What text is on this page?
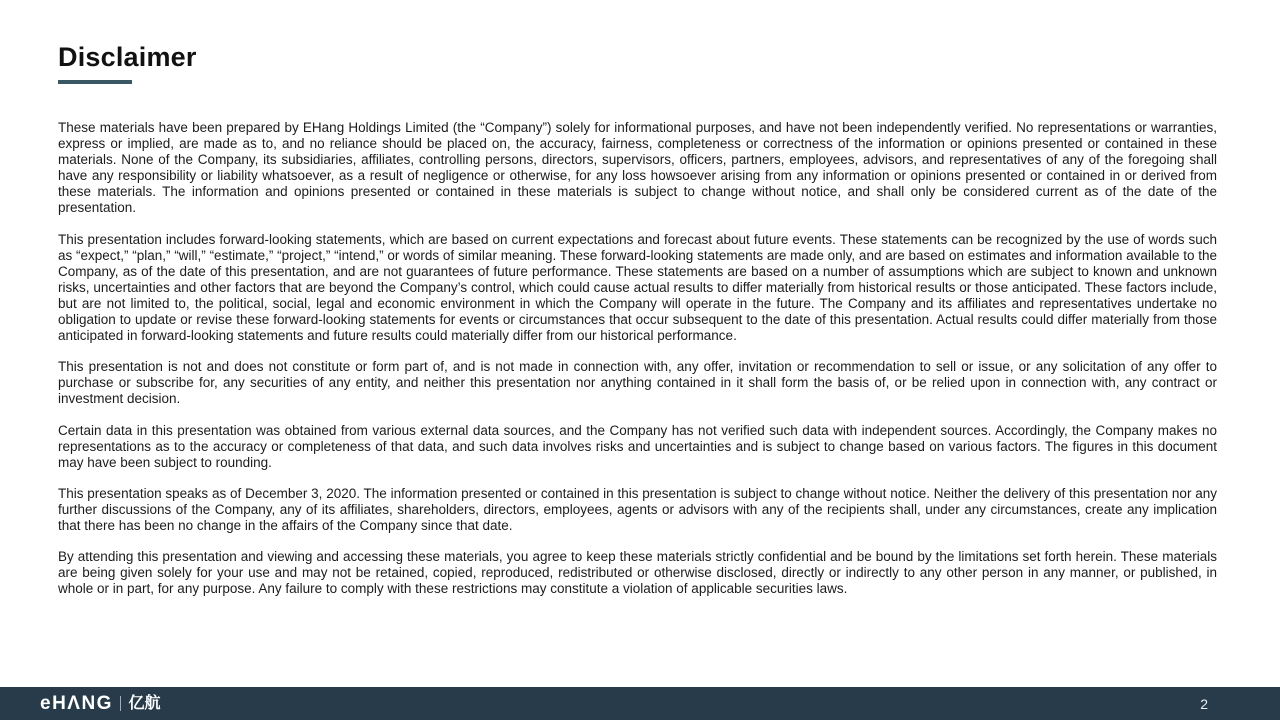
Disclaimer

These materials have been prepared by EHang Holdings Limited (the “Company”) solely for informational purposes, and have not been independently verified. No representations or warranties, express or implied, are made as to, and no reliance should be placed on, the accuracy, fairness, completeness or correctness of the information or opinions presented or contained in these materials. None of the Company, its subsidiaries, affiliates, controlling persons, directors, supervisors, officers, partners, employees, advisors, and representatives of any of the foregoing shall have any responsibility or liability whatsoever, as a result of negligence or otherwise, for any loss howsoever arising from any information or opinions presented or contained in or derived from these materials. The information and opinions presented or contained in these materials is subject to change without notice, and shall only be considered current as of the date of the presentation.

This presentation includes forward-looking statements, which are based on current expectations and forecast about future events. These statements can be recognized by the use of words such as “expect,” “plan,” “will,” “estimate,” “project,” “intend,” or words of similar meaning. These forward-looking statements are made only, and are based on estimates and information available to the Company, as of the date of this presentation, and are not guarantees of future performance. These statements are based on a number of assumptions which are subject to known and unknown risks, uncertainties and other factors that are beyond the Company’s control, which could cause actual results to differ materially from historical results or those anticipated. These factors include, but are not limited to, the political, social, legal and economic environment in which the Company will operate in the future. The Company and its affiliates and representatives undertake no obligation to update or revise these forward-looking statements for events or circumstances that occur subsequent to the date of this presentation. Actual results could differ materially from those anticipated in forward-looking statements and future results could materially differ from our historical performance.

This presentation is not and does not constitute or form part of, and is not made in connection with, any offer, invitation or recommendation to sell or issue, or any solicitation of any offer to purchase or subscribe for, any securities of any entity, and neither this presentation nor anything contained in it shall form the basis of, or be relied upon in connection with, any contract or investment decision.

Certain data in this presentation was obtained from various external data sources, and the Company has not verified such data with independent sources. Accordingly, the Company makes no representations as to the accuracy or completeness of that data, and such data involves risks and uncertainties and is subject to change based on various factors. The figures in this document may have been subject to rounding.

This presentation speaks as of December 3, 2020. The information presented or contained in this presentation is subject to change without notice. Neither the delivery of this presentation nor any further discussions of the Company, any of its affiliates, shareholders, directors, employees, agents or advisors with any of the recipients shall, under any circumstances, create any implication that there has been no change in the affairs of the Company since that date.

By attending this presentation and viewing and accessing these materials, you agree to keep these materials strictly confidential and be bound by the limitations set forth herein. These materials are being given solely for your use and may not be retained, copied, reproduced, redistributed or otherwise disclosed, directly or indirectly to any other person in any manner, or published, in whole or in part, for any purpose. Any failure to comply with these restrictions may constitute a violation of applicable securities laws.

eHΛNG 亿航	2
